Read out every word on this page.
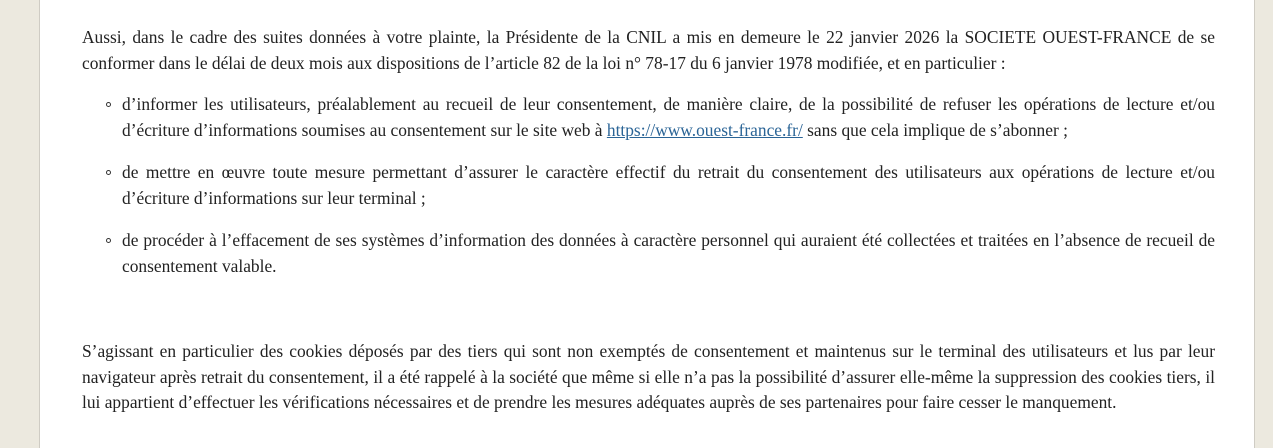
Aussi, dans le cadre des suites données à votre plainte, la Présidente de la CNIL a mis en demeure le 22 janvier 2026 la SOCIETE OUEST-FRANCE de se conformer dans le délai de deux mois aux dispositions de l’article 82 de la loi n° 78-17 du 6 janvier 1978 modifiée, et en particulier :

d’informer les utilisateurs, préalablement au recueil de leur consentement, de manière claire, de la possibilité de refuser les opérations de lecture et/ou d’écriture d’informations soumises au consentement sur le site web à https://www.ouest-france.fr/ sans que cela implique de s’abonner ;
de mettre en œuvre toute mesure permettant d’assurer le caractère effectif du retrait du consentement des utilisateurs aux opérations de lecture et/ou d’écriture d’informations sur leur terminal ;
de procéder à l’effacement de ses systèmes d’information des données à caractère personnel qui auraient été collectées et traitées en l’absence de recueil de consentement valable.

S’agissant en particulier des cookies déposés par des tiers qui sont non exemptés de consentement et maintenus sur le terminal des utilisateurs et lus par leur navigateur après retrait du consentement, il a été rappelé à la société que même si elle n’a pas la possibilité d’assurer elle-même la suppression des cookies tiers, il lui appartient d’effectuer les vérifications nécessaires et de prendre les mesures adéquates auprès de ses partenaires pour faire cesser le manquement.
